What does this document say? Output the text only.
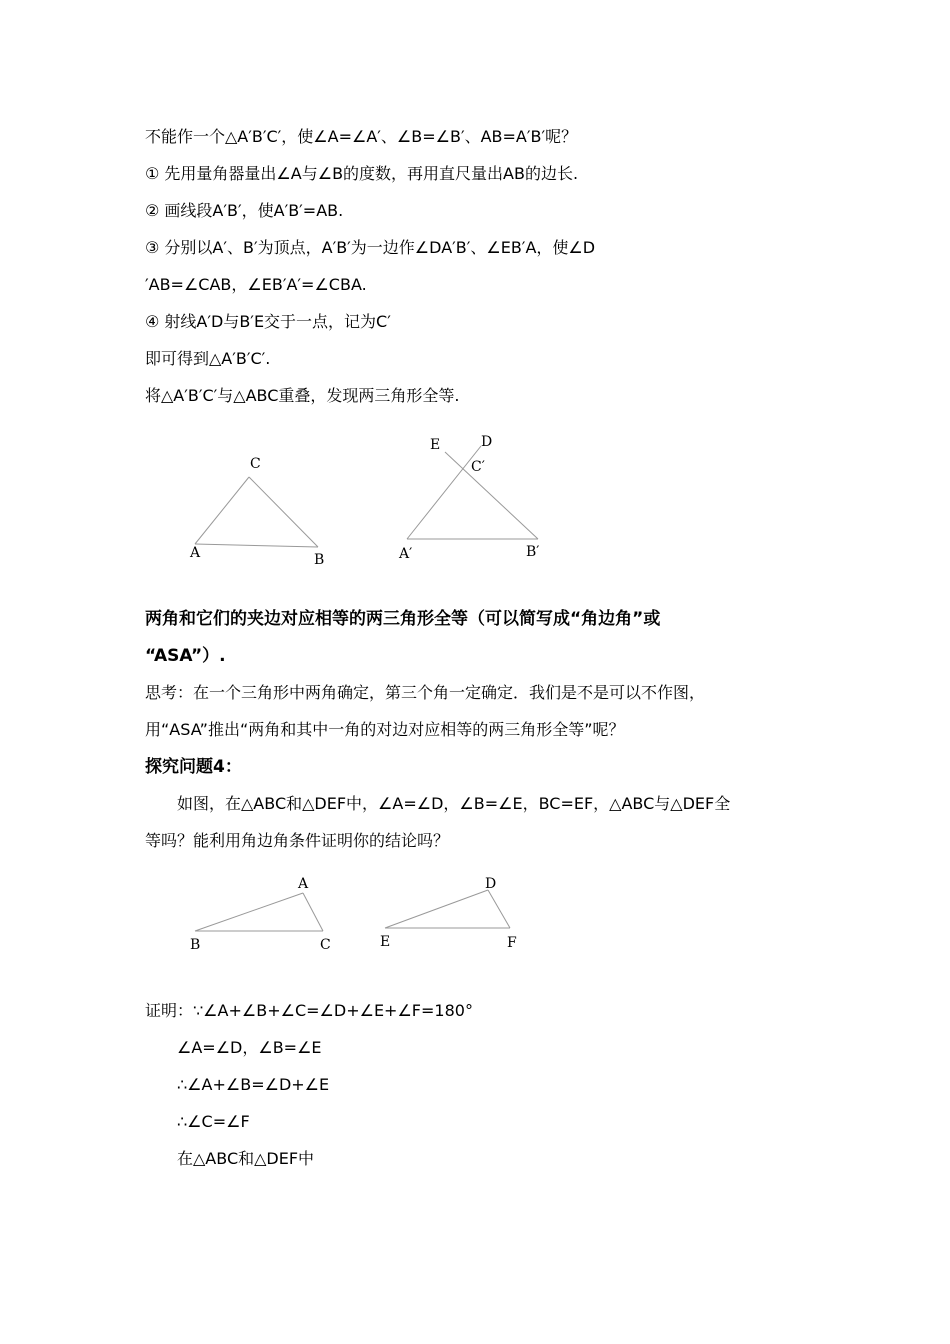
不能作一个△A′B′C′，使∠A=∠A′、∠B=∠B′、AB=A′B′呢？
① 先用量角器量出∠A与∠B的度数，再用直尺量出AB的边长.
② 画线段A′B′，使A′B′=AB.
③ 分别以A′、B′为顶点，A′B′为一边作∠DA′B′、∠EB′A，使∠D
′AB=∠CAB，∠EB′A′=∠CBA.
④ 射线A′D与B′E交于一点，记为C′
即可得到△A′B′C′.
将△A′B′C′与△ABC重叠，发现两三角形全等.
A	B
C
A′	B′
C′
D
E
A
B	C
D
E	F
两角和它们的夹边对应相等的两三角形全等（可以简写成“角边角”或
“ASA”）.
思考：在一个三角形中两角确定，第三个角一定确定．我们是不是可以不作图，
用“ASA”推出“两角和其中一角的对边对应相等的两三角形全等”呢？
探究问题4：
如图，在△ABC和△DEF中，∠A=∠D，∠B=∠E，BC=EF，△ABC与△DEF全
等吗？能利用角边角条件证明你的结论吗？
证明：∵∠A+∠B+∠C=∠D+∠E+∠F=180°
∠A=∠D，∠B=∠E
∴∠A+∠B=∠D+∠E
∴∠C=∠F
在△ABC和△DEF中
